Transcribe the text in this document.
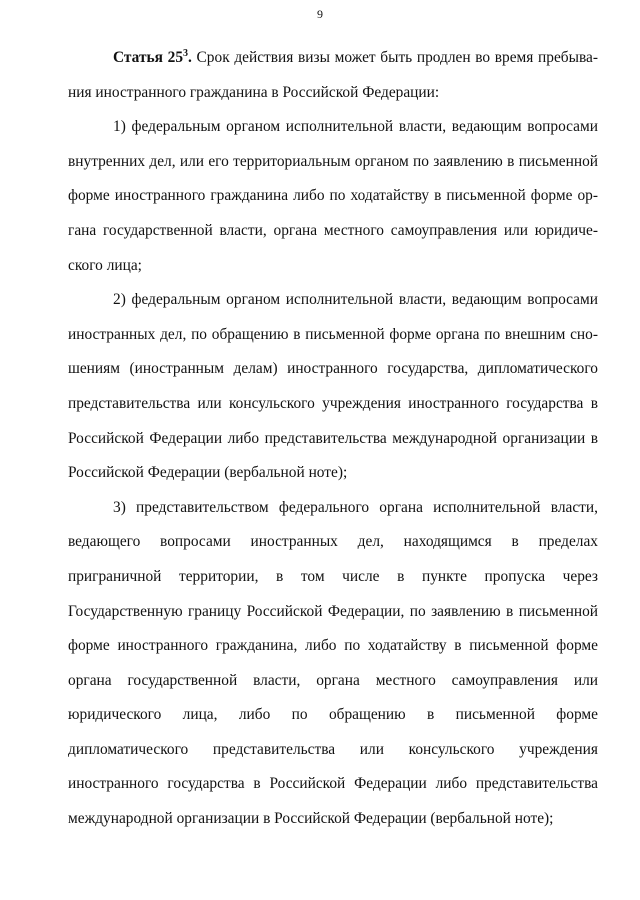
9

Статья $25^3$. Срок действия визы может быть продлен во время пребывания иностранного гражданина в Российской Федерации:

1) федеральным органом исполнительной власти, ведающим вопросами внутренних дел, или его территориальным органом по заявлению в письменной форме иностранного гражданина либо по ходатайству в письменной форме органа государственной власти, органа местного самоуправления или юридического лица;

2) федеральным органом исполнительной власти, ведающим вопросами иностранных дел, по обращению в письменной форме органа по внешним сношениям (иностранным делам) иностранного государства, дипломатического представительства или консульского учреждения иностранного государства в Российской Федерации либо представительства международной организации в Российской Федерации (вербальной ноте);

3) представительством федерального органа исполнительной власти, ведающего вопросами иностранных дел, находящимся в пределах приграничной территории, в том числе в пункте пропуска через Государственную границу Российской Федерации, по заявлению в письменной форме иностранного гражданина, либо по ходатайству в письменной форме органа государственной власти, органа местного самоуправления или юридического лица, либо по обращению в письменной форме дипломатического представительства или консульского учреждения иностранного государства в Российской Федерации либо представительства международной организации в Российской Федерации (вербальной ноте);
